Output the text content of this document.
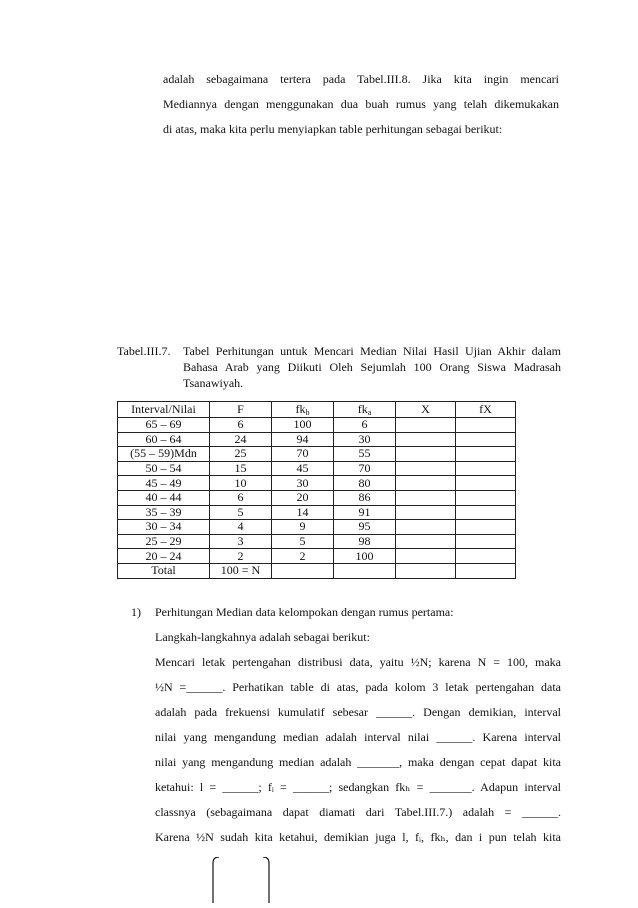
adalah sebagaimana tertera pada Tabel.III.8. Jika kita ingin mencari
Mediannya dengan menggunakan dua buah rumus yang telah dikemukakan
di atas, maka kita perlu menyiapkan table perhitungan sebagai berikut:
Tabel.III.7.	Tabel Perhitungan untuk Mencari Median Nilai Hasil Ujian Akhir dalam
Bahasa Arab yang Diikuti Oleh Sejumlah 100 Orang Siswa Madrasah
Tsanawiyah.
Interval/Nilai	F	$fk_b$	$fk_a$	X	fX
65 – 69	6	100	6		
60 – 64	24	94	30		
(55 – 59)Mdn	25	70	55		
50 – 54	15	45	70		
45 – 49	10	30	80		
40 – 44	6	20	86		
35 – 39	5	14	91		
30 – 34	4	9	95		
25 – 29	3	5	98		
20 – 24	2	2	100		
Total	100 = N				
1)	Perhitungan Median data kelompokan dengan rumus pertama:
Langkah-langkahnya adalah sebagai berikut:
Mencari letak pertengahan distribusi data, yaitu ½N; karena N = 100, maka
½N =______. Perhatikan table di atas, pada kolom 3 letak pertengahan data
adalah pada frekuensi kumulatif sebesar ______. Dengan demikian, interval
nilai yang mengandung median adalah interval nilai ______. Karena interval
nilai yang mengandung median adalah _______, maka dengan cepat dapat kita
ketahui: l = ______; fᵢ = ______; sedangkan fkₕ = _______. Adapun interval
classnya (sebagaimana dapat diamati dari Tabel.III.7.) adalah = ______.
Karena ½N sudah kita ketahui, demikian juga l, fᵢ, fkₕ, dan i pun telah kita
